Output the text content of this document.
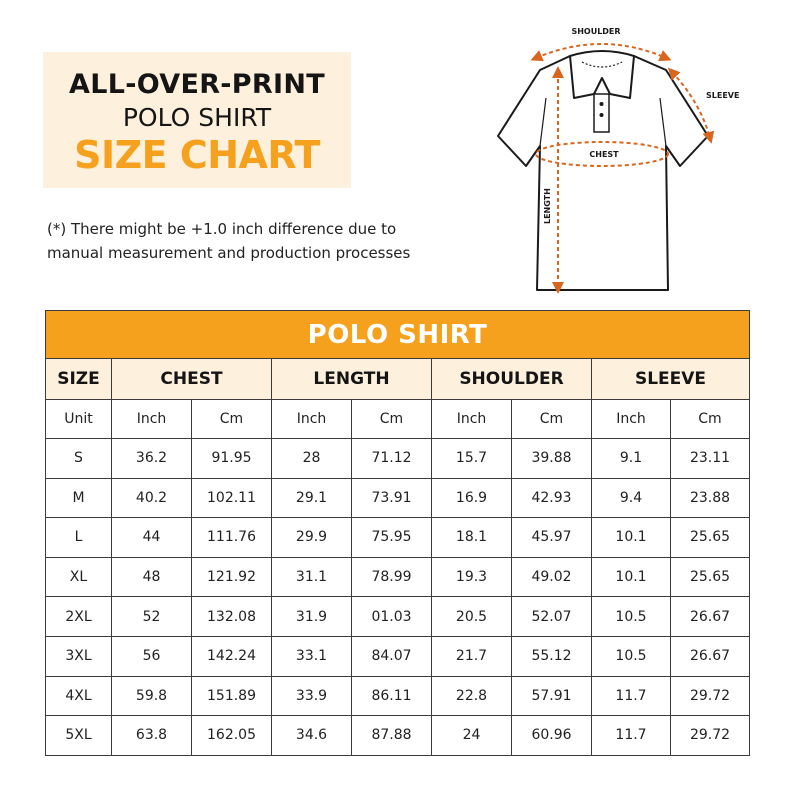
ALL-OVER-PRINT
POLO SHIRT
SIZE CHART
(*) There might be +1.0 inch difference due to
manual measurement and production processes
SHOULDER
SLEEVE
CHEST
LENGTH
POLO SHIRT								
SIZE	CHEST		LENGTH		SHOULDER		SLEEVE	
Unit	Inch	Cm	Inch	Cm	Inch	Cm	Inch	Cm
S	36.2	91.95	28	71.12	15.7	39.88	9.1	23.11
M	40.2	102.11	29.1	73.91	16.9	42.93	9.4	23.88
L	44	111.76	29.9	75.95	18.1	45.97	10.1	25.65
XL	48	121.92	31.1	78.99	19.3	49.02	10.1	25.65
2XL	52	132.08	31.9	01.03	20.5	52.07	10.5	26.67
3XL	56	142.24	33.1	84.07	21.7	55.12	10.5	26.67
4XL	59.8	151.89	33.9	86.11	22.8	57.91	11.7	29.72
5XL	63.8	162.05	34.6	87.88	24	60.96	11.7	29.72
